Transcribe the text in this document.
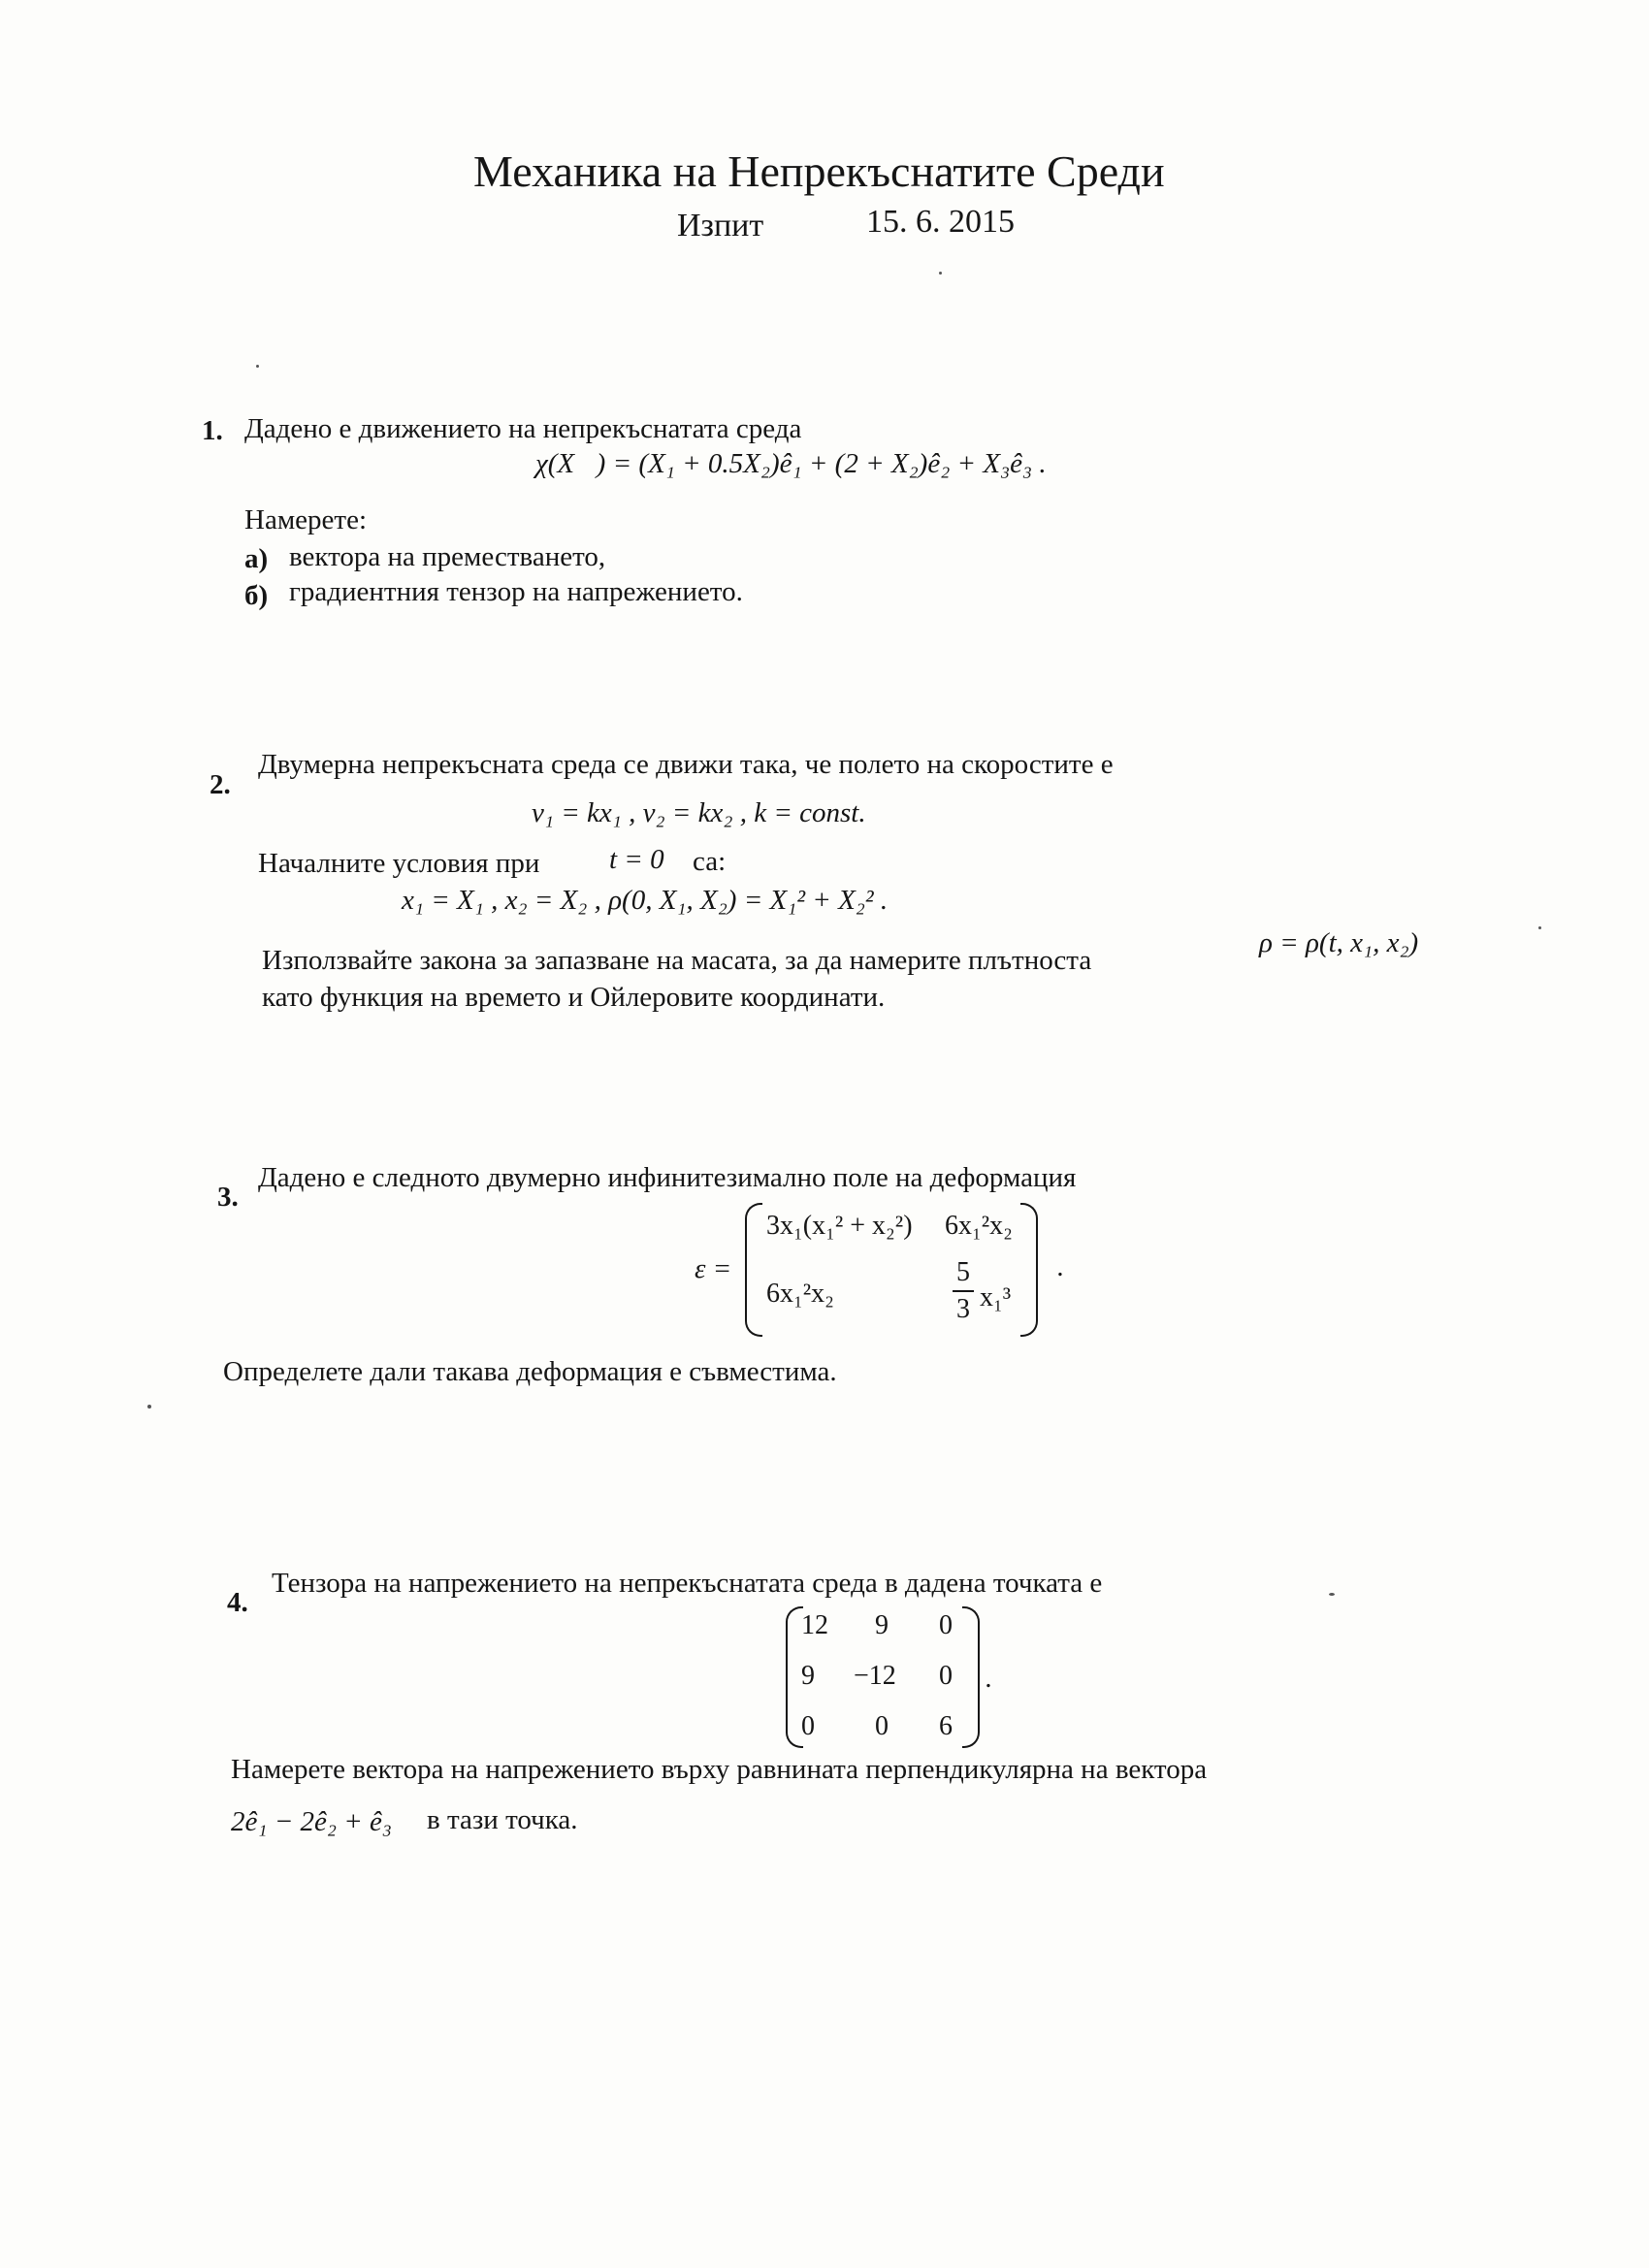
Механика на Непрекъснатите Среди
Изпит	15. 6. 2015
1. Дадено е движението на непрекъснатата среда
χ(X⃗) = (X₁ + 0.5X₂)ê₁ + (2 + X₂)ê₂ + X₃ê₃ .
Намерете:
а) вектора на преместването,
б) градиентния тензор на напрежението.
2.
Двумерна непрекъсната среда се движи така, че полето на скоростите е
v₁ = kx₁ , v₂ = kx₂ , k = const.
Началните условия при t = 0 са:
x₁ = X₁ , x₂ = X₂ , ρ(0, X₁, X₂) = X₁² + X₂² .
Използвайте закона за запазване на масата, за да намерите плътноста
ρ = ρ(t, x₁, x₂)
като функция на времето и Ойлеровите координати.
3.
Дадено е следното двумерно инфинитезимално поле на деформация
ε =
3x₁(x₁² + x₂²) 6x₁²x₂
6x₁²x₂
5
3 x₁³
.
Определете дали такава деформация е съвместима.
4.
Тензора на напрежението на непрекъснатата среда в дадена точката е
12 9 0
9 −12 0
0 0 6
.
Намерете вектора на напрежението върху равнината перпендикулярна на вектора
2ê₁ − 2ê₂ + ê₃ в тази точка.
